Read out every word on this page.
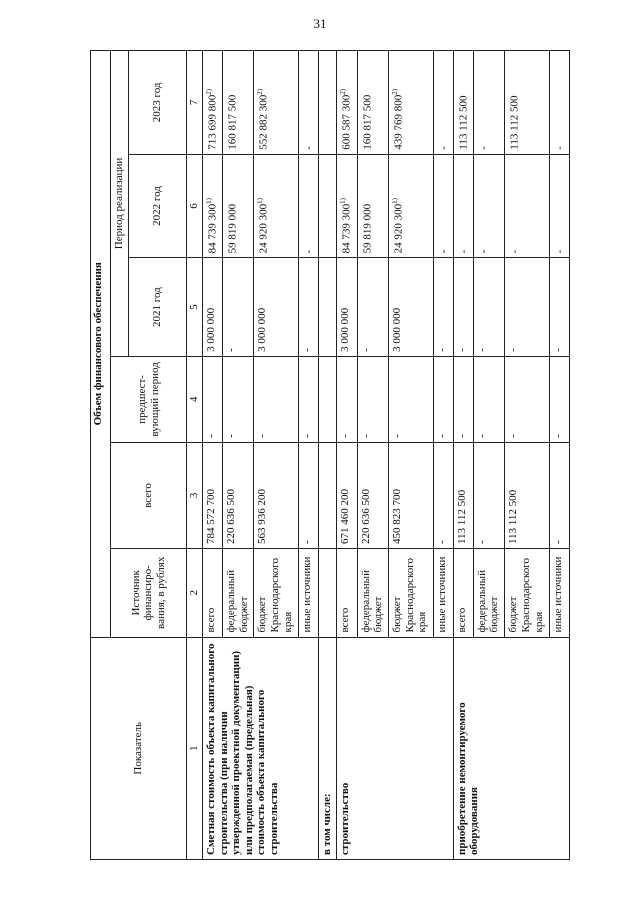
31
Показатель	Объем финансового обеспечения					
	Источник финансиро-вания, в рублях	всего	предшест-вующий период	Период реализации		
				2021 год	2022 год	2023 год
1	2	3	4	5	6	7
Сметная стоимость объекта капитального строительства (при наличии утвержденной проектной документации) или предполагаемая (предельная) стоимость объекта капитального строительства	всего	784 572 700	-	3 000 000	84 739 300$^{1)}$	713 699 800$^{2)}$
	федеральный бюджет	220 636 500	-	-	59 819 000	160 817 500
	бюджет Краснодарского края	563 936 200	-	3 000 000	24 920 300$^{1)}$	552 882 300$^{2)}$
	иные источники	-	-	-	-	-
в том числе:						
строительство	всего	671 460 200	-	3 000 000	84 739 300$^{1)}$	600 587 300$^{2)}$
	федеральный бюджет	220 636 500	-	-	59 819 000	160 817 500
	бюджет Краснодарского края	450 823 700	-	3 000 000	24 920 300$^{1)}$	439 769 800$^{2)}$
	иные источники	-	-	-	-	-
приобретение немонтируемого оборудования	всего	113 112 500	-	-	-	113 112 500
	федеральный бюджет	-	-	-	-	-
	бюджет Краснодарского края	113 112 500	-	-	-	113 112 500
	иные источники	-	-	-	-	-
